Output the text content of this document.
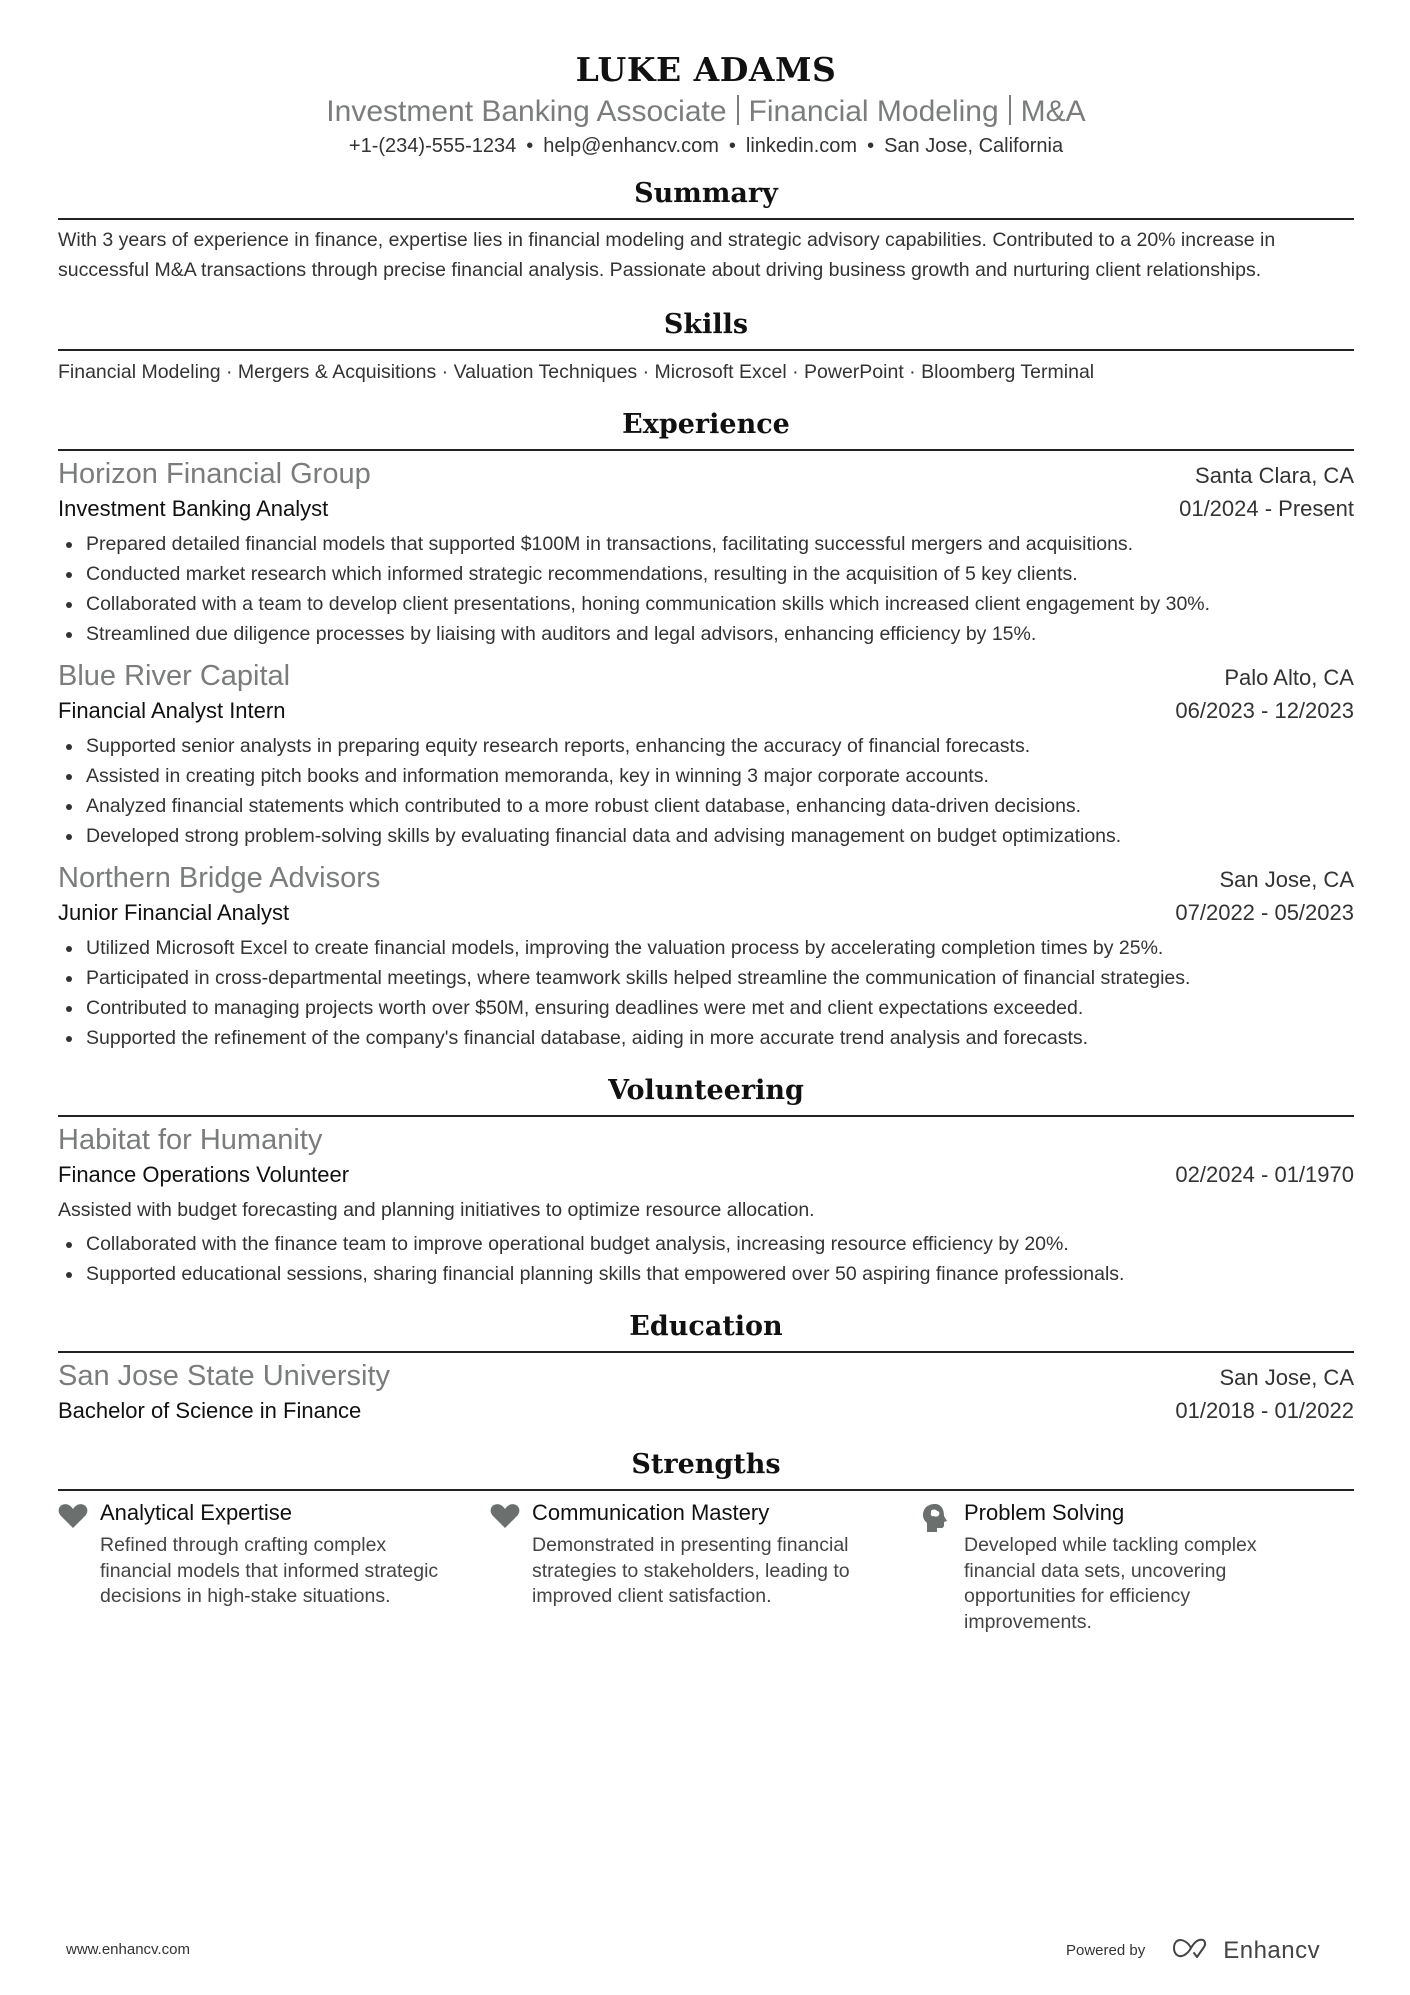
LUKE ADAMS
Investment Banking Associate Financial Modeling M&A
+1-(234)-555-1234 • help@enhancv.com • linkedin.com • San Jose, California
Summary
With 3 years of experience in finance, expertise lies in financial modeling and strategic advisory capabilities. Contributed to a 20% increase in successful M&A transactions through precise financial analysis. Passionate about driving business growth and nurturing client relationships.
Skills
Financial Modeling · Mergers & Acquisitions · Valuation Techniques · Microsoft Excel · PowerPoint · Bloomberg Terminal
Experience
Horizon Financial Group	Santa Clara, CA
Investment Banking Analyst	01/2024 - Present
Prepared detailed financial models that supported $100M in transactions, facilitating successful mergers and acquisitions.
Conducted market research which informed strategic recommendations, resulting in the acquisition of 5 key clients.
Collaborated with a team to develop client presentations, honing communication skills which increased client engagement by 30%.
Streamlined due diligence processes by liaising with auditors and legal advisors, enhancing efficiency by 15%.
Blue River Capital	Palo Alto, CA
Financial Analyst Intern	06/2023 - 12/2023
Supported senior analysts in preparing equity research reports, enhancing the accuracy of financial forecasts.
Assisted in creating pitch books and information memoranda, key in winning 3 major corporate accounts.
Analyzed financial statements which contributed to a more robust client database, enhancing data-driven decisions.
Developed strong problem-solving skills by evaluating financial data and advising management on budget optimizations.
Northern Bridge Advisors	San Jose, CA
Junior Financial Analyst	07/2022 - 05/2023
Utilized Microsoft Excel to create financial models, improving the valuation process by accelerating completion times by 25%.
Participated in cross-departmental meetings, where teamwork skills helped streamline the communication of financial strategies.
Contributed to managing projects worth over $50M, ensuring deadlines were met and client expectations exceeded.
Supported the refinement of the company's financial database, aiding in more accurate trend analysis and forecasts.
Volunteering
Habitat for Humanity
Finance Operations Volunteer	02/2024 - 01/1970
Assisted with budget forecasting and planning initiatives to optimize resource allocation.
Collaborated with the finance team to improve operational budget analysis, increasing resource efficiency by 20%.
Supported educational sessions, sharing financial planning skills that empowered over 50 aspiring finance professionals.
Education
San Jose State University	San Jose, CA
Bachelor of Science in Finance	01/2018 - 01/2022
Strengths
Analytical Expertise
Refined through crafting complex financial models that informed strategic decisions in high-stake situations.
Communication Mastery
Demonstrated in presenting financial strategies to stakeholders, leading to improved client satisfaction.
Problem Solving
Developed while tackling complex financial data sets, uncovering opportunities for efficiency improvements.
www.enhancv.com	Powered by	Enhancv
